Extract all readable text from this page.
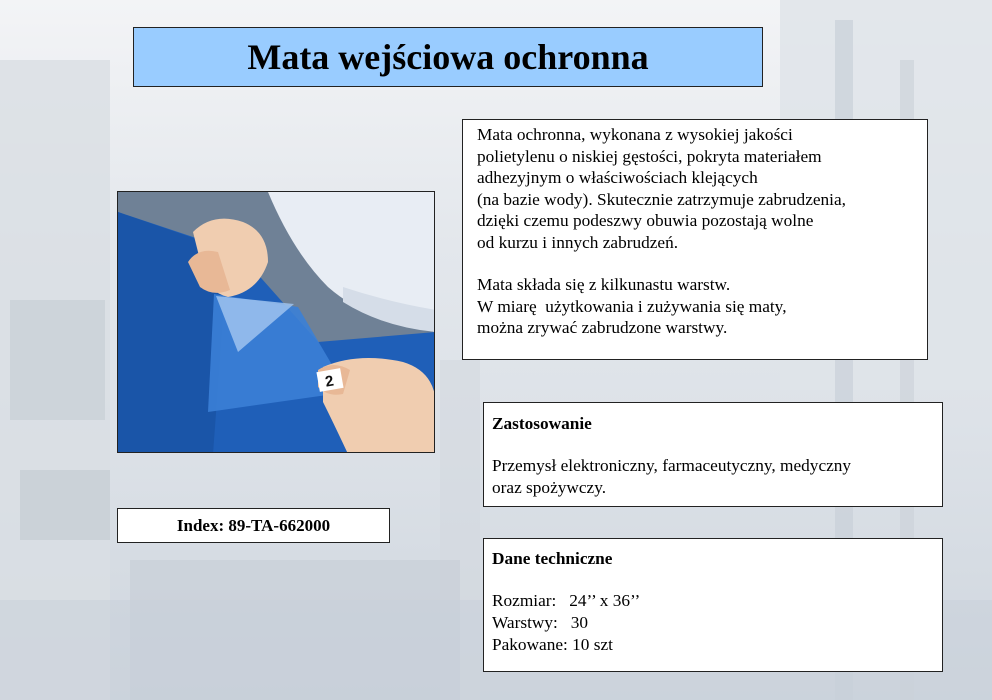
Mata wejściowa ochronna
2
Index: 89-TA-662000

Mata ochronna, wykonana z wysokiej jakości

polietylenu o niskiej gęstości, pokryta materiałem

adhezyjnym o właściwościach klejących

(na bazie wody). Skutecznie zatrzymuje zabrudzenia,

dzięki czemu podeszwy obuwia pozostają wolne

od kurzu i innych zabrudzeń.

Mata składa się z kilkunastu warstw.

W miarę  użytkowania i zużywania się maty,

można zrywać zabrudzone warstwy.

Zastosowanie
Przemysł elektroniczny, farmaceutyczny, medyczny
oraz spożywczy.
Dane techniczne
Rozmiar:   24’’ x 36’’
Warstwy:   30
Pakowane: 10 szt
